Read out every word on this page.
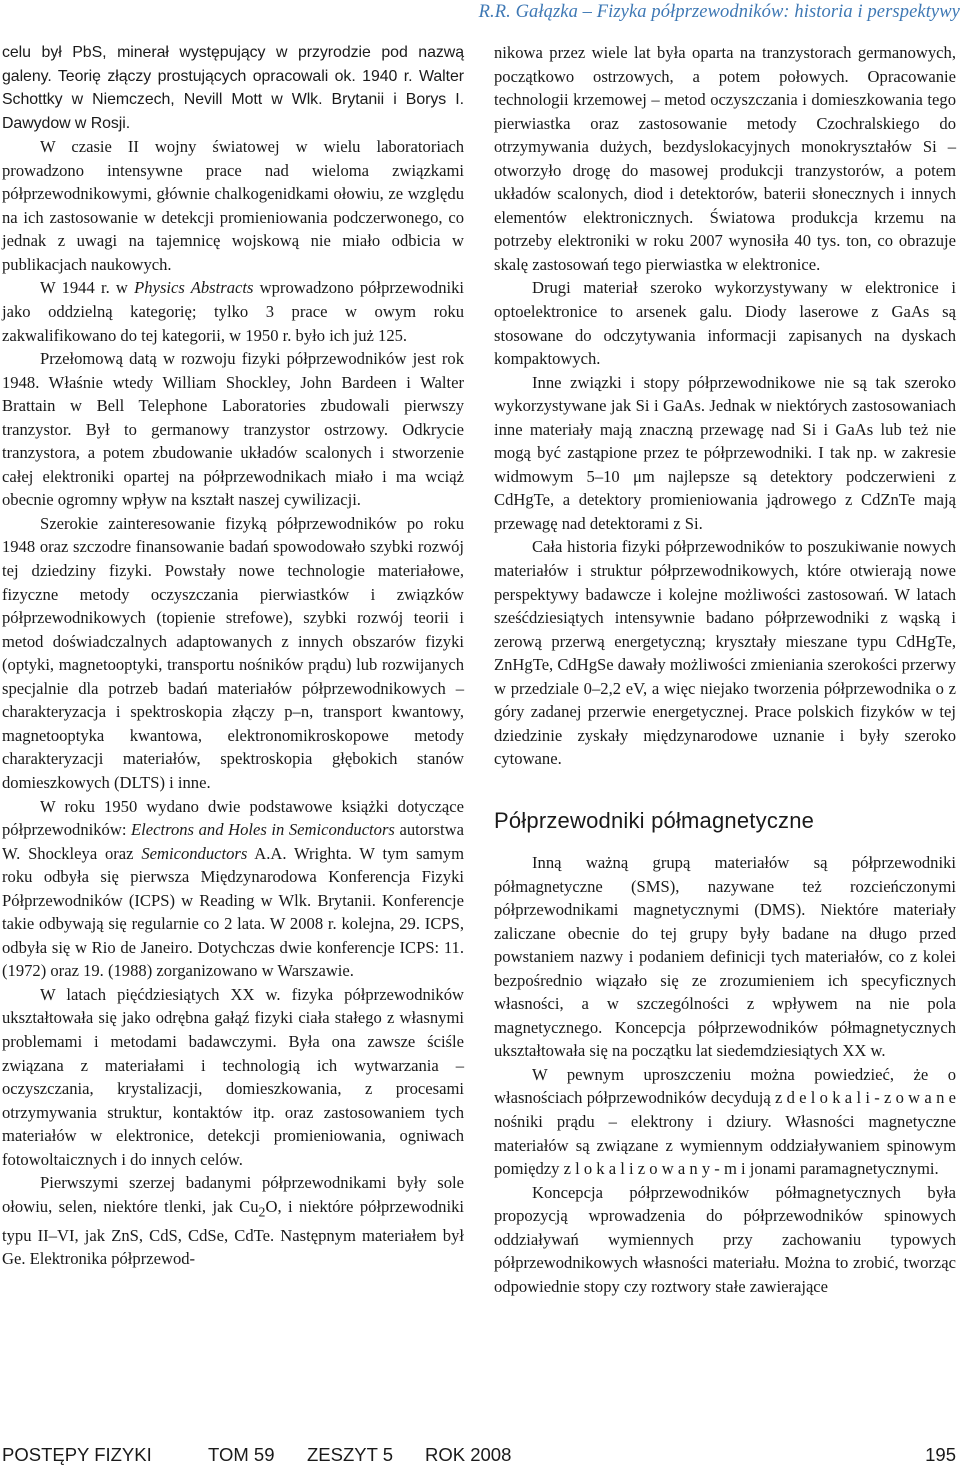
R.R. Gałązka – Fizyka półprzewodników: historia i perspektywy

celu był PbS, minerał występujący w przyrodzie pod nazwą galeny. Teorię złączy prostujących opracowali ok. 1940 r. Walter Schottky w Niemczech, Nevill Mott w Wlk. Brytanii i Borys I. Dawydow w Rosji.

W czasie II wojny światowej w wielu laboratoriach prowadzono intensywne prace nad wieloma związkami półprzewodnikowymi, głównie chalkogenidkami ołowiu, ze względu na ich zastosowanie w detekcji promieniowania podczerwonego, co jednak z uwagi na tajemnicę wojskową nie miało odbicia w publikacjach naukowych.

W 1944 r. w Physics Abstracts wprowadzono półprzewodniki jako oddzielną kategorię; tylko 3 prace w owym roku zakwalifikowano do tej kategorii, w 1950 r. było ich już 125.

Przełomową datą w rozwoju fizyki półprzewodników jest rok 1948. Właśnie wtedy William Shockley, John Bardeen i Walter Brattain w Bell Telephone Laboratories zbudowali pierwszy tranzystor. Był to germanowy tranzystor ostrzowy. Odkrycie tranzystora, a potem zbudowanie układów scalonych i stworzenie całej elektroniki opartej na półprzewodnikach miało i ma wciąż obecnie ogromny wpływ na kształt naszej cywilizacji.

Szerokie zainteresowanie fizyką półprzewodników po roku 1948 oraz szczodre finansowanie badań spowodowało szybki rozwój tej dziedziny fizyki. Powstały nowe technologie materiałowe, fizyczne metody oczyszczania pierwiastków i związków półprzewodnikowych (topienie strefowe), szybki rozwój teorii i metod doświadczalnych adaptowanych z innych obszarów fizyki (optyki, magnetooptyki, transportu nośników prądu) lub rozwijanych specjalnie dla potrzeb badań materiałów półprzewodnikowych – charakteryzacja i spektroskopia złączy p–n, transport kwantowy, magnetooptyka kwantowa, elektronomikroskopowe metody charakteryzacji materiałów, spektroskopia głębokich stanów domieszkowych (DLTS) i inne.

W roku 1950 wydano dwie podstawowe książki dotyczące półprzewodników: Electrons and Holes in Semiconductors autorstwa W. Shockleya oraz Semiconductors A.A. Wrighta. W tym samym roku odbyła się pierwsza Międzynarodowa Konferencja Fizyki Półprzewodników (ICPS) w Reading w Wlk. Brytanii. Konferencje takie odbywają się regularnie co 2 lata. W 2008 r. kolejna, 29. ICPS, odbyła się w Rio de Janeiro. Dotychczas dwie konferencje ICPS: 11. (1972) oraz 19. (1988) zorganizowano w Warszawie.

W latach pięćdziesiątych XX w. fizyka półprzewodników ukształtowała się jako odrębna gałąź fizyki ciała stałego z własnymi problemami i metodami badawczymi. Była ona zawsze ściśle związana z materiałami i technologią ich wytwarzania – oczyszczania, krystalizacji, domieszkowania, z procesami otrzymywania struktur, kontaktów itp. oraz zastosowaniem tych materiałów w elektronice, detekcji promieniowania, ogniwach fotowoltaicznych i do innych celów.

Pierwszymi szerzej badanymi półprzewodnikami były sole ołowiu, selen, niektóre tlenki, jak $Cu_2O$, i niektóre półprzewodniki typu II–VI, jak ZnS, CdS, CdSe, CdTe. Następnym materiałem był Ge. Elektronika półprzewod-

nikowa przez wiele lat była oparta na tranzystorach germanowych, początkowo ostrzowych, a potem połowych. Opracowanie technologii krzemowej – metod oczyszczania i domieszkowania tego pierwiastka oraz zastosowanie metody Czochralskiego do otrzymywania dużych, bezdyslokacyjnych monokryształów Si – otworzyło drogę do masowej produkcji tranzystorów, a potem układów scalonych, diod i detektorów, baterii słonecznych i innych elementów elektronicznych. Światowa produkcja krzemu na potrzeby elektroniki w roku 2007 wynosiła 40 tys. ton, co obrazuje skalę zastosowań tego pierwiastka w elektronice.

Drugi materiał szeroko wykorzystywany w elektronice i optoelektronice to arsenek galu. Diody laserowe z GaAs są stosowane do odczytywania informacji zapisanych na dyskach kompaktowych.

Inne związki i stopy półprzewodnikowe nie są tak szeroko wykorzystywane jak Si i GaAs. Jednak w niektórych zastosowaniach inne materiały mają znaczną przewagę nad Si i GaAs lub też nie mogą być zastąpione przez te półprzewodniki. I tak np. w zakresie widmowym 5–10 μm najlepsze są detektory podczerwieni z CdHgTe, a detektory promieniowania jądrowego z CdZnTe mają przewagę nad detektorami z Si.

Cała historia fizyki półprzewodników to poszukiwanie nowych materiałów i struktur półprzewodnikowych, które otwierają nowe perspektywy badawcze i kolejne możliwości zastosowań. W latach sześćdziesiątych intensywnie badano półprzewodniki z wąską i zerową przerwą energetyczną; kryształy mieszane typu CdHgTe, ZnHgTe, CdHgSe dawały możliwości zmieniania szerokości przerwy w przedziale 0–2,2 eV, a więc niejako tworzenia półprzewodnika o z góry zadanej przerwie energetycznej. Prace polskich fizyków w tej dziedzinie zyskały międzynarodowe uznanie i były szeroko cytowane.

Półprzewodniki półmagnetyczne

Inną ważną grupą materiałów są półprzewodniki półmagnetyczne (SMS), nazywane też rozcieńczonymi półprzewodnikami magnetycznymi (DMS). Niektóre materiały zaliczane obecnie do tej grupy były badane na długo przed powstaniem nazwy i podaniem definicji tych materiałów, co z kolei bezpośrednio wiązało się ze zrozumieniem ich specyficznych własności, a w szczególności z wpływem na nie pola magnetycznego. Koncepcja półprzewodników półmagnetycznych ukształtowała się na początku lat siedemdziesiątych XX w.

W pewnym uproszczeniu można powiedzieć, że o własnościach półprzewodników decydują z d e l o k a l i - z o w a n e nośniki prądu – elektrony i dziury. Własności magnetyczne materiałów są związane z wymiennym oddziaływaniem spinowym pomiędzy z l o k a l i z o w a n y - m i jonami paramagnetycznymi.

Koncepcja półprzewodników półmagnetycznych była propozycją wprowadzenia do półprzewodników spinowych oddziaływań wymiennych przy zachowaniu typowych półprzewodnikowych własności materiału. Można to zrobić, tworząc odpowiednie stopy czy roztwory stałe zawierające

POSTĘPY FIZYKI	TOM 59 ZESZYT 5 ROK 2008	195
